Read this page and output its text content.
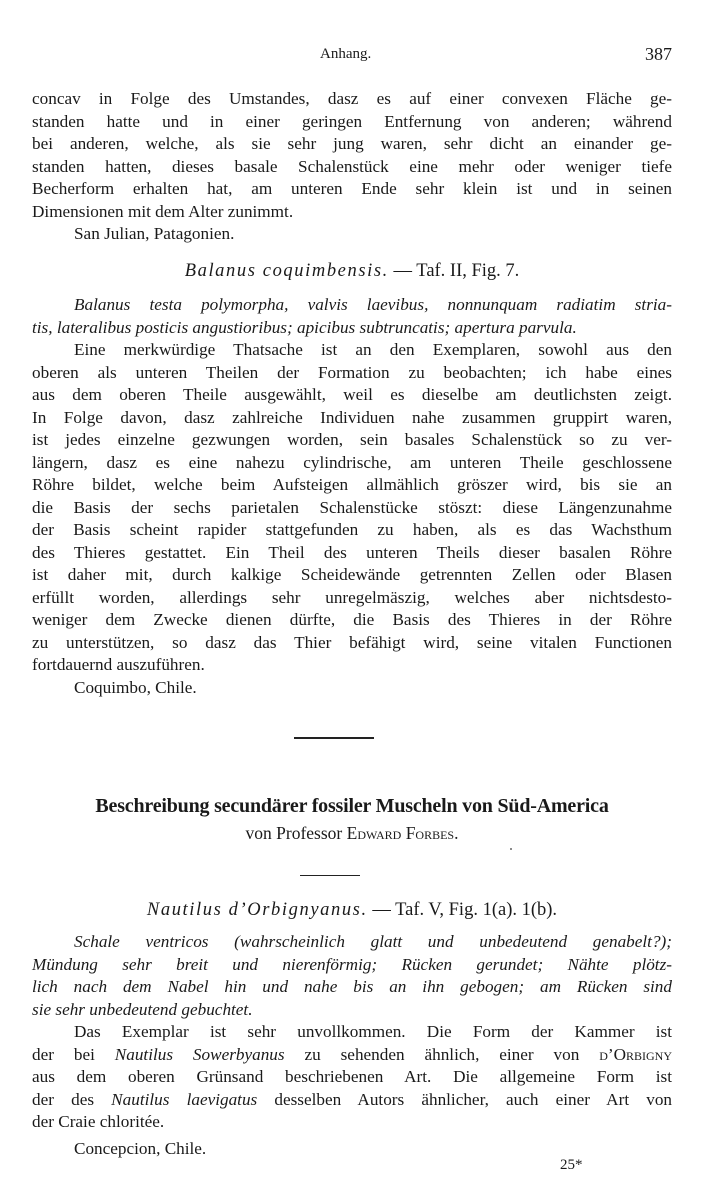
Anhang.	387
concav in Folge des Umstandes, dasz es auf einer convexen Fläche ge-
standen hatte und in einer geringen Entfernung von anderen; während
bei anderen, welche, als sie sehr jung waren, sehr dicht an einander ge-
standen hatten, dieses basale Schalenstück eine mehr oder weniger tiefe
Becherform erhalten hat, am unteren Ende sehr klein ist und in seinen
Dimensionen mit dem Alter zunimmt.
San Julian, Patagonien.
Balanus coquimbensis. — Taf. II, Fig. 7.
Balanus testa polymorpha, valvis laevibus, nonnunquam radiatim stria-
tis, lateralibus posticis angustioribus; apicibus subtruncatis; apertura parvula.
Eine merkwürdige Thatsache ist an den Exemplaren, sowohl aus den
oberen als unteren Theilen der Formation zu beobachten; ich habe eines
aus dem oberen Theile ausgewählt, weil es dieselbe am deutlichsten zeigt.
In Folge davon, dasz zahlreiche Individuen nahe zusammen gruppirt waren,
ist jedes einzelne gezwungen worden, sein basales Schalenstück so zu ver-
längern, dasz es eine nahezu cylindrische, am unteren Theile geschlossene
Röhre bildet, welche beim Aufsteigen allmählich gröszer wird, bis sie an
die Basis der sechs parietalen Schalenstücke stöszt: diese Längenzunahme
der Basis scheint rapider stattgefunden zu haben, als es das Wachsthum
des Thieres gestattet. Ein Theil des unteren Theils dieser basalen Röhre
ist daher mit, durch kalkige Scheidewände getrennten Zellen oder Blasen
erfüllt worden, allerdings sehr unregelmäszig, welches aber nichtsdesto-
weniger dem Zwecke dienen dürfte, die Basis des Thieres in der Röhre
zu unterstützen, so dasz das Thier befähigt wird, seine vitalen Functionen
fortdauernd auszuführen.
Coquimbo, Chile.
Beschreibung secundärer fossiler Muscheln von Süd-America
von Professor Edward Forbes.
Nautilus d’Orbignyanus. — Taf. V, Fig. 1(a). 1(b).
Schale ventricos (wahrscheinlich glatt und unbedeutend genabelt?);
Mündung sehr breit und nierenförmig; Rücken gerundet; Nähte plötz-
lich nach dem Nabel hin und nahe bis an ihn gebogen; am Rücken sind
sie sehr unbedeutend gebuchtet.
Das Exemplar ist sehr unvollkommen. Die Form der Kammer ist
der bei Nautilus Sowerbyanus zu sehenden ähnlich, einer von d’Orbigny
aus dem oberen Grünsand beschriebenen Art. Die allgemeine Form ist
der des Nautilus laevigatus desselben Autors ähnlicher, auch einer Art von
der Craie chloritée.
Concepcion, Chile.
25*
